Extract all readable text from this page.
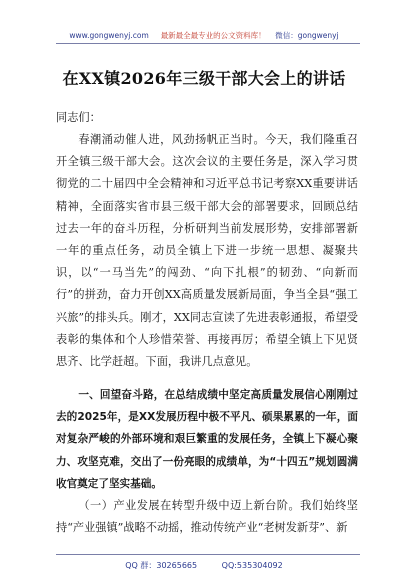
www.gongwenyj.com 最新最全最专业的公文资料库！ 微信：gongwenyj
在XX镇2026年三级干部大会上的讲话

同志们：

春潮涌动催人进，风劲扬帆正当时。今天，我们隆重召开全镇三级干部大会。这次会议的主要任务是，深入学习贯彻党的二十届四中全会精神和习近平总书记考察XX重要讲话精神，全面落实省市县三级干部大会的部署要求，回顾总结过去一年的奋斗历程，分析研判当前发展形势，安排部署新一年的重点任务，动员全镇上下进一步统一思想、凝聚共识，以“一马当先”的闯劲、“向下扎根”的韧劲、“向新而行”的拼劲，奋力开创XX高质量发展新局面，争当全县“强工兴旅”的排头兵。刚才，XX同志宣读了先进表彰通报，希望受表彰的集体和个人珍惜荣誉、再接再厉；希望全镇上下见贤思齐、比学赶超。下面，我讲几点意见。

一、回望奋斗路，在总结成绩中坚定高质量发展信心刚刚过去的2025年，是XX发展历程中极不平凡、硕果累累的一年，面对复杂严峻的外部环境和艰巨繁重的发展任务，全镇上下凝心聚力、攻坚克难，交出了一份亮眼的成绩单，为“十四五”规划圆满收官奠定了坚实基础。

（一）产业发展在转型升级中迈上新台阶。我们始终坚持“产业强镇”战略不动摇，推动传统产业“老树发新芽”、新

QQ 群：30265665	QQ:535304092
